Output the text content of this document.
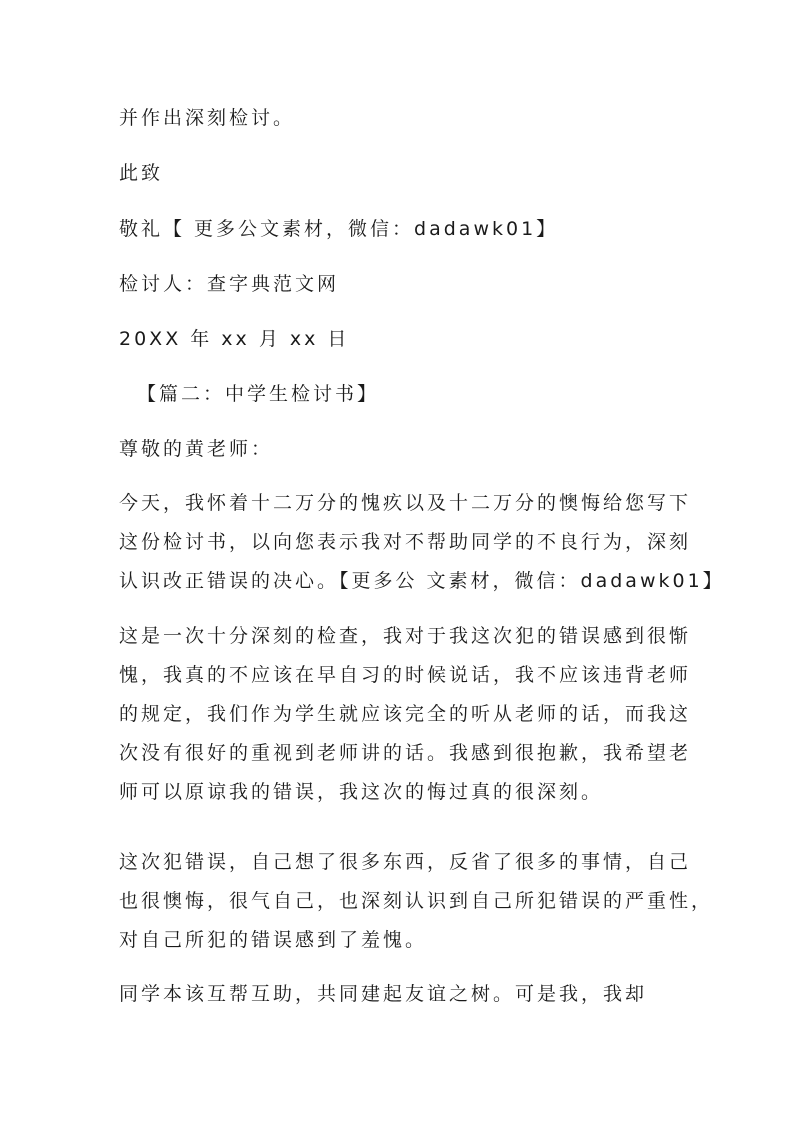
并作出深刻检讨。
此致
敬礼【 更多公文素材，微信：dadawk01】
检讨人：查字典范文网
20XX 年 xx 月 xx 日
【篇二：中学生检讨书】
尊敬的黄老师：
今天，我怀着十二万分的愧疚以及十二万分的懊悔给您写下
这份检讨书，以向您表示我对不帮助同学的不良行为，深刻
认识改正错误的决心。【更多公 文素材，微信：dadawk01】
这是一次十分深刻的检查，我对于我这次犯的错误感到很惭
愧，我真的不应该在早自习的时候说话，我不应该违背老师
的规定，我们作为学生就应该完全的听从老师的话，而我这
次没有很好的重视到老师讲的话。我感到很抱歉，我希望老
师可以原谅我的错误，我这次的悔过真的很深刻。
这次犯错误，自己想了很多东西，反省了很多的事情，自己
也很懊悔，很气自己，也深刻认识到自己所犯错误的严重性，
对自己所犯的错误感到了羞愧。
同学本该互帮互助，共同建起友谊之树。可是我，我却
